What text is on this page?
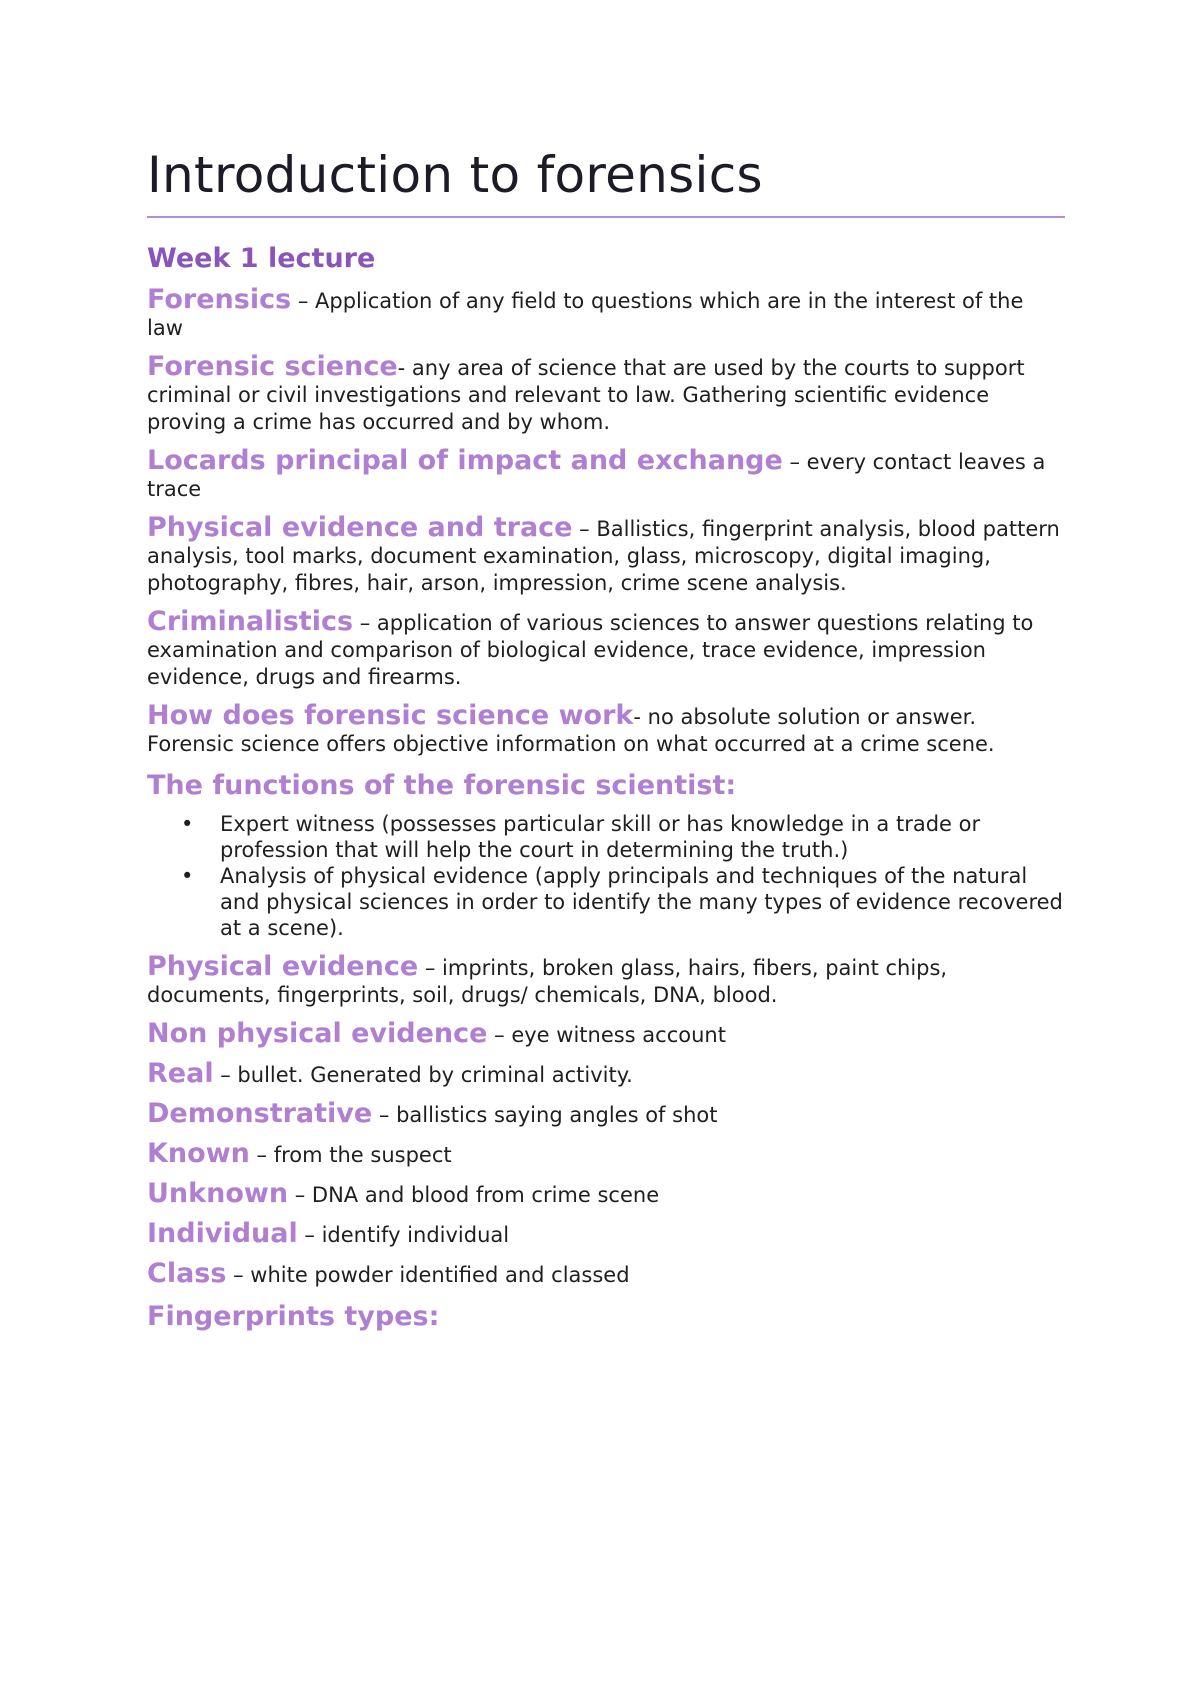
Introduction to forensics
Week 1 lecture

Forensics – Application of any field to questions which are in the interest of the law

Forensic science- any area of science that are used by the courts to support criminal or civil investigations and relevant to law. Gathering scientific evidence proving a crime has occurred and by whom.

Locards principal of impact and exchange – every contact leaves a trace

Physical evidence and trace – Ballistics, fingerprint analysis, blood pattern analysis, tool marks, document examination, glass, microscopy, digital imaging, photography, fibres, hair, arson, impression, crime scene analysis.

Criminalistics – application of various sciences to answer questions relating to examination and comparison of biological evidence, trace evidence, impression evidence, drugs and firearms.

How does forensic science work- no absolute solution or answer. Forensic science offers objective information on what occurred at a crime scene.

The functions of the forensic scientist:
• Expert witness (possesses particular skill or has knowledge in a trade or profession that will help the court in determining the truth.)
• Analysis of physical evidence (apply principals and techniques of the natural and physical sciences in order to identify the many types of evidence recovered at a scene).

Physical evidence – imprints, broken glass, hairs, fibers, paint chips, documents, fingerprints, soil, drugs/ chemicals, DNA, blood.

Non physical evidence – eye witness account

Real – bullet. Generated by criminal activity.

Demonstrative – ballistics saying angles of shot

Known – from the suspect

Unknown – DNA and blood from crime scene

Individual – identify individual

Class – white powder identified and classed

Fingerprints types:
